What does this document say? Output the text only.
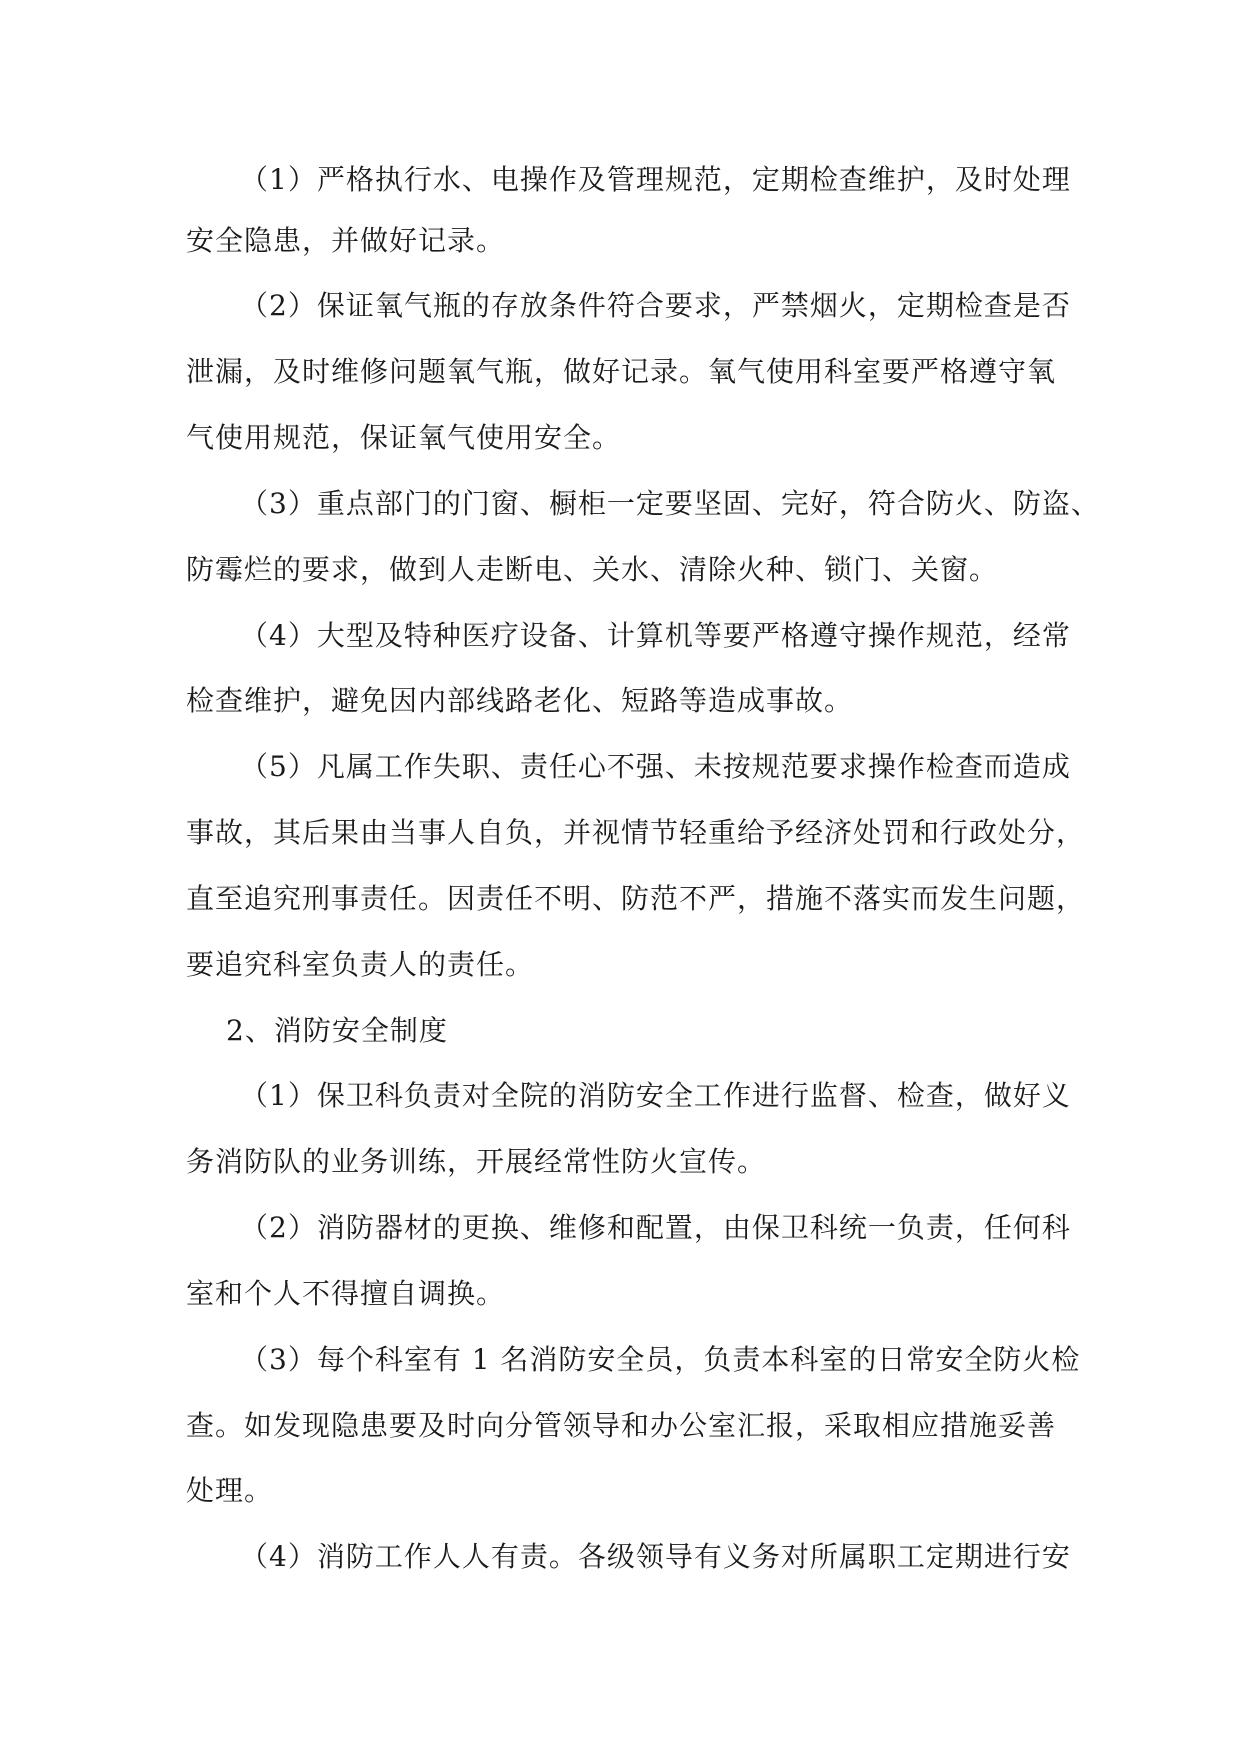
（1）严格执行水、电操作及管理规范，定期检查维护，及时处理
安全隐患，并做好记录。
（2）保证氧气瓶的存放条件符合要求，严禁烟火，定期检查是否
泄漏，及时维修问题氧气瓶，做好记录。氧气使用科室要严格遵守氧
气使用规范，保证氧气使用安全。
（3）重点部门的门窗、橱柜一定要坚固、完好，符合防火、防盗、
防霉烂的要求，做到人走断电、关水、清除火种、锁门、关窗。
（4）大型及特种医疗设备、计算机等要严格遵守操作规范，经常
检查维护，避免因内部线路老化、短路等造成事故。
（5）凡属工作失职、责任心不强、未按规范要求操作检查而造成
事故，其后果由当事人自负，并视情节轻重给予经济处罚和行政处分，
直至追究刑事责任。因责任不明、防范不严，措施不落实而发生问题，
要追究科室负责人的责任。
2、消防安全制度
（1）保卫科负责对全院的消防安全工作进行监督、检查，做好义
务消防队的业务训练，开展经常性防火宣传。
（2）消防器材的更换、维修和配置，由保卫科统一负责，任何科
室和个人不得擅自调换。
（3）每个科室有 1 名消防安全员，负责本科室的日常安全防火检
查。如发现隐患要及时向分管领导和办公室汇报，采取相应措施妥善
处理。
（4）消防工作人人有责。各级领导有义务对所属职工定期进行安
